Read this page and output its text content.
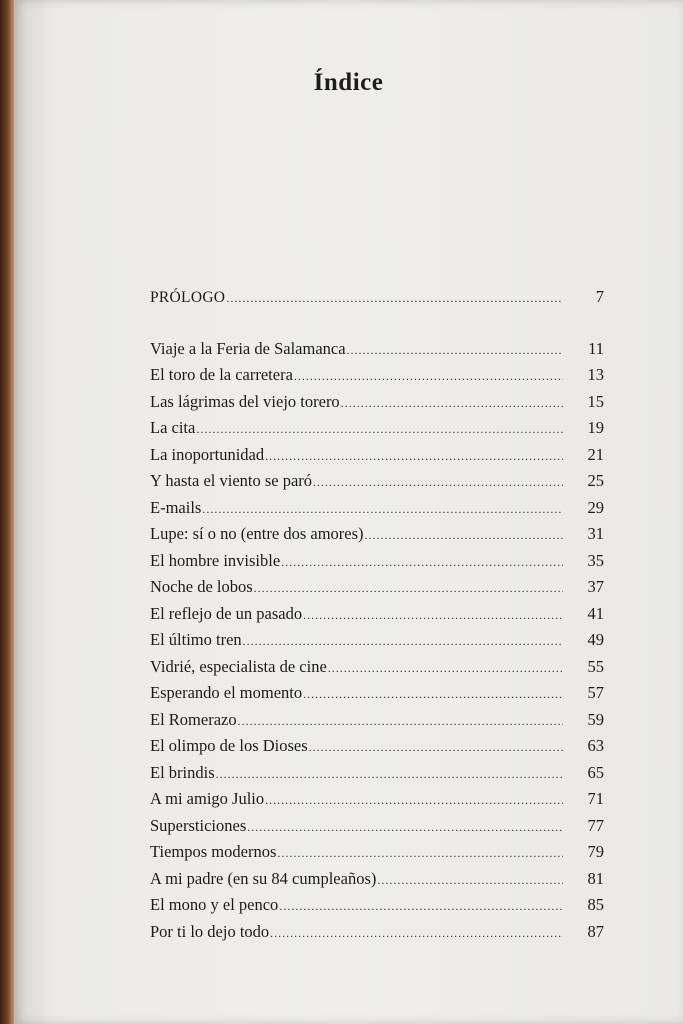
Índice
PRÓLOGO .....	7
Viaje a la Feria de Salamanca .....	11
El toro de la carretera .....	13
Las lágrimas del viejo torero .....	15
La cita .....	19
La inoportunidad .....	21
Y hasta el viento se paró .....	25
E-mails .....	29
Lupe: sí o no (entre dos amores) .....	31
El hombre invisible .....	35
Noche de lobos .....	37
El reflejo de un pasado .....	41
El último tren .....	49
Vidrié, especialista de cine .....	55
Esperando el momento .....	57
El Romerazo .....	59
El olimpo de los Dioses .....	63
El brindis .....	65
A mi amigo Julio .....	71
Supersticiones .....	77
Tiempos modernos .....	79
A mi padre (en su 84 cumpleaños) .....	81
El mono y el penco .....	85
Por ti lo dejo todo .....	87
